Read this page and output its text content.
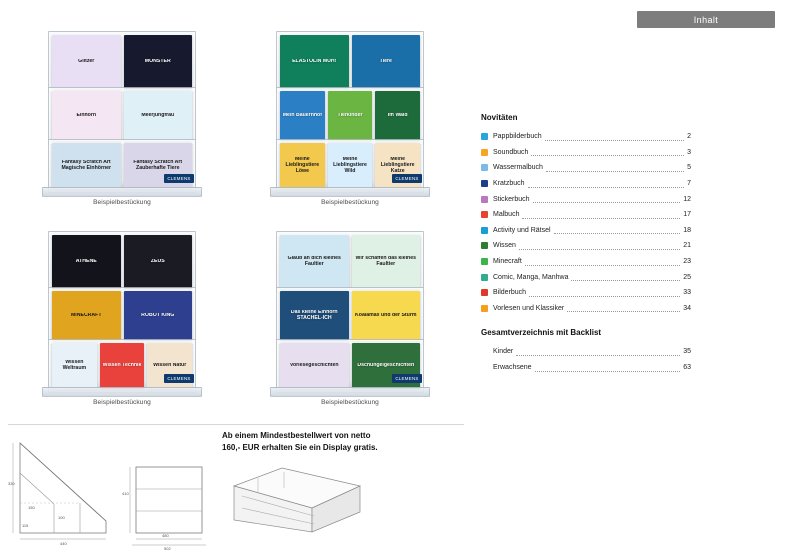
Glitzer	MONSTER
Einhorn	Meerjungfrau
Fantasy Scratch Art Magische Einhörner
Fantasy Scratch Art Zauberhafte Tiere
CLEMENS
Beispielbestückung
ELASTOLIN MUH!	Tiere
Mein Bauernhof	Tierkinder	Im Wald
Meine Lieblingstiere Löwe
Meine Lieblingstiere Wild
Meine Lieblingstiere Katze
CLEMENS
Beispielbestückung
ATHENE	ZEUS
MINECRAFT	ROBOT KING
Wissen Weltraum	Wissen Technik	Wissen Natur
CLEMENS
Beispielbestückung
Glaub an dich kleines Faultier
Wir schaffen das kleines Faultier
Das kleine Einhorn STACHEL-ICH	Koalamax und der Sturm
Vorlesegeschichten	Dschungelgeschichten
CLEMENS
Beispielbestückung
330
150
100
115
440
410
480
502
Ab einem Mindestbestellwert von netto
160,- EUR erhalten Sie ein Display gratis.
Inhalt
Novitäten
Pappbilderbuch	2
Soundbuch	3
Wassermalbuch	5
Kratzbuch	7
Stickerbuch	12
Malbuch	17
Activity und Rätsel	18
Wissen	21
Minecraft	23
Comic, Manga, Manhwa	25
Bilderbuch	33
Vorlesen und Klassiker	34
Gesamtverzeichnis mit Backlist
Kinder	35
Erwachsene	63
